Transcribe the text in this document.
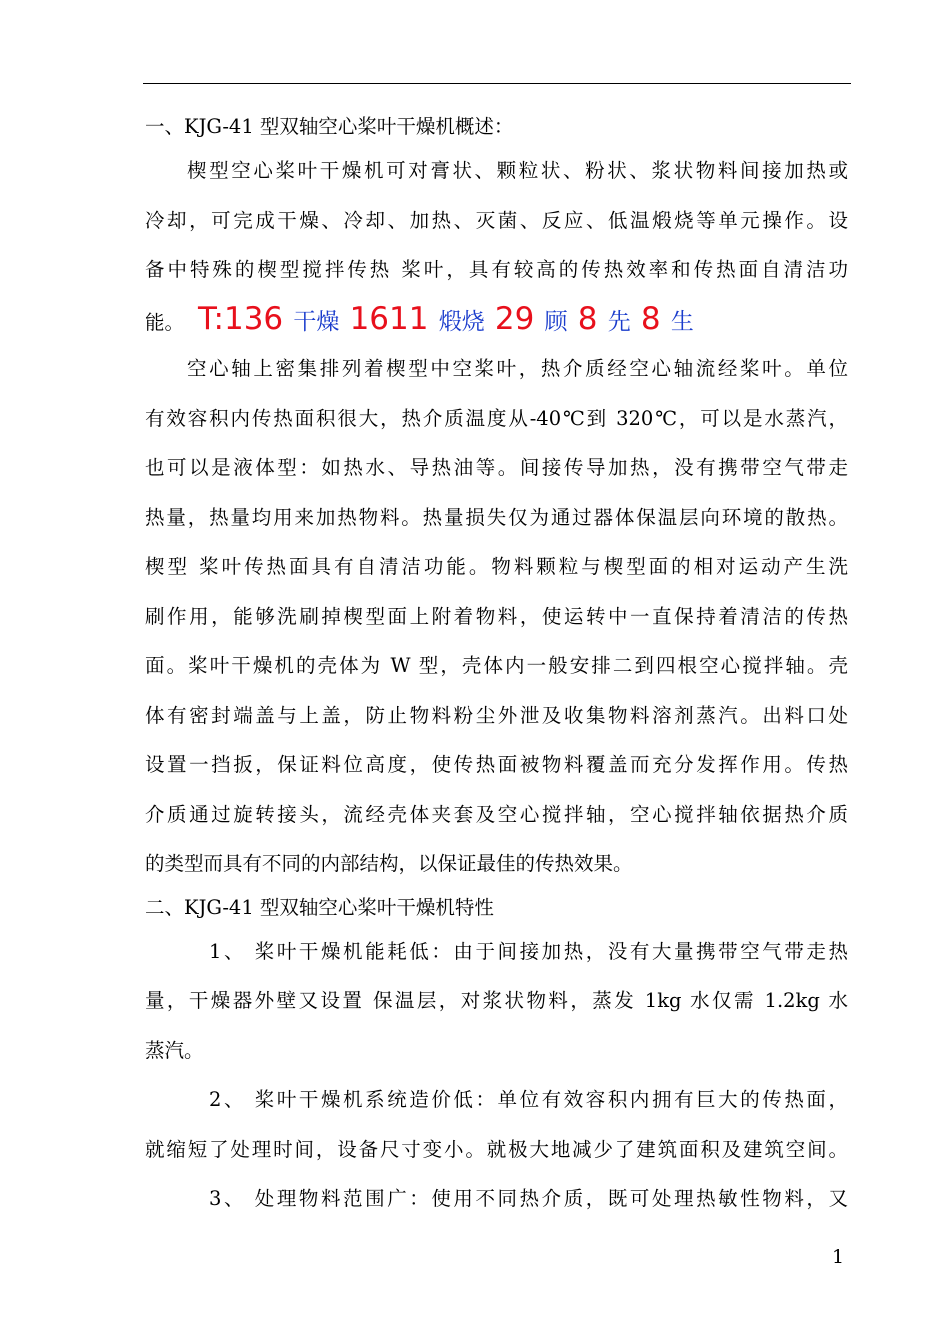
一、KJG-41 型双轴空心桨叶干燥机概述：
楔型空心桨叶干燥机可对膏状、颗粒状、粉状、浆状物料间接加热或
冷却，可完成干燥、冷却、加热、灭菌、反应、低温煅烧等单元操作。设
备中特殊的楔型搅拌传热 桨叶，具有较高的传热效率和传热面自清洁功
能。 T:136 干燥 1611 煅烧 29 顾 8 先 8 生
空心轴上密集排列着楔型中空桨叶，热介质经空心轴流经桨叶。单位
有效容积内传热面积很大，热介质温度从-40℃到 320℃，可以是水蒸汽，
也可以是液体型：如热水、导热油等。间接传导加热，没有携带空气带走
热量，热量均用来加热物料。热量损失仅为通过器体保温层向环境的散热。
楔型 桨叶传热面具有自清洁功能。物料颗粒与楔型面的相对运动产生洗
刷作用，能够洗刷掉楔型面上附着物料，使运转中一直保持着清洁的传热
面。桨叶干燥机的壳体为 W 型，壳体内一般安排二到四根空心搅拌轴。壳
体有密封端盖与上盖，防止物料粉尘外泄及收集物料溶剂蒸汽。出料口处
设置一挡扳，保证料位高度，使传热面被物料覆盖而充分发挥作用。传热
介质通过旋转接头，流经壳体夹套及空心搅拌轴，空心搅拌轴依据热介质
的类型而具有不同的内部结构，以保证最佳的传热效果。
二、KJG-41 型双轴空心桨叶干燥机特性
1、 桨叶干燥机能耗低：由于间接加热，没有大量携带空气带走热
量，干燥器外壁又设置 保温层，对浆状物料，蒸发 1kg 水仅需 1.2kg 水
蒸汽。
2、 桨叶干燥机系统造价低：单位有效容积内拥有巨大的传热面，
就缩短了处理时间，设备尺寸变小。就极大地减少了建筑面积及建筑空间。
3、 处理物料范围广：使用不同热介质，既可处理热敏性物料，又
1
